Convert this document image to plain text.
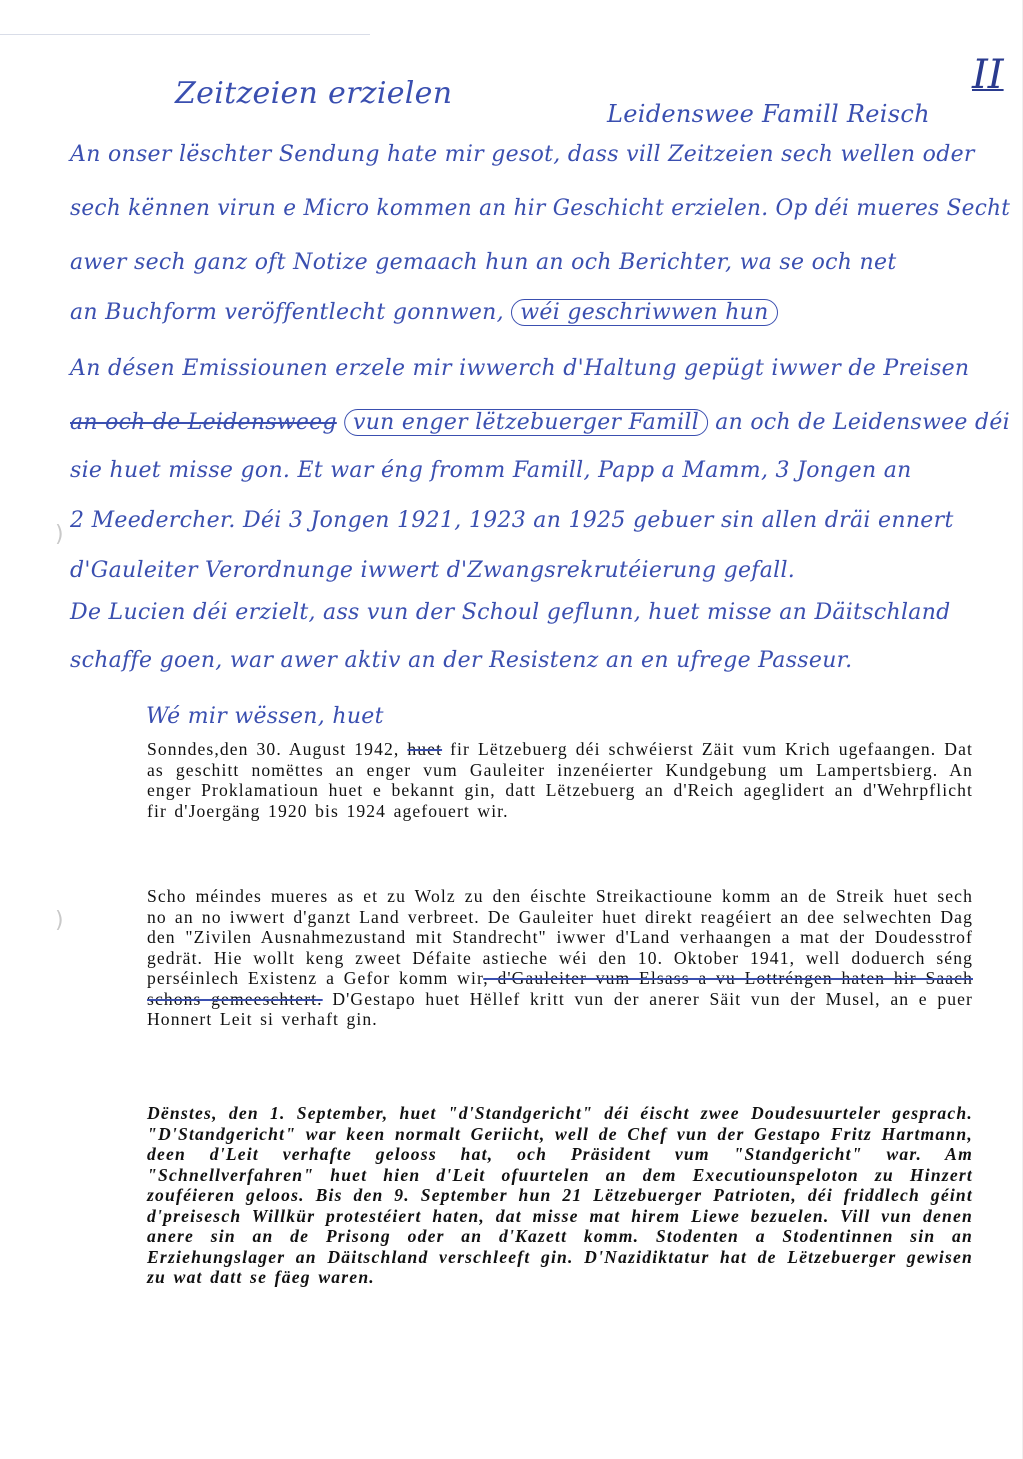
II
Zeitzeien erzielen
Leidenswee Famill Reisch
An onser lëschter Sendung hate mir gesot, dass vill Zeitzeien sech wellen oder
sech kënnen virun e Micro kommen an hir Geschicht erzielen. Op déi mueres Secht
awer sech ganz oft Notize gemaach hun an och Berichter, wa se och net
an Buchform veröffentlecht gonnwen, wéi geschriwwen hun
An désen Emissiounen erzele mir iwwerch d'Haltung gepügt iwwer de Preisen
an och de Leidensweeg vun enger lëtzebuerger Famill an och de Leidenswee déi
sie huet misse gon. Et war éng fromm Famill, Papp a Mamm, 3 Jongen an
2 Meedercher. Déi 3 Jongen 1921, 1923 an 1925 gebuer sin allen dräi ennert
d'Gauleiter Verordnunge iwwert d'Zwangsrekrutéierung gefall.
De Lucien déi erzielt, ass vun der Schoul geflunn, huet misse an Däitschland
schaffe goen, war awer aktiv an der Resistenz an en ufrege Passeur.
Wé mir wëssen, huet
)
)
Sonndes,den 30. August 1942, huet fir Lëtzebuerg déi schwéierst Zäit vum Krich ugefaangen. Dat as geschitt nomëttes an enger vum Gauleiter inzenéierter Kundgebung um Lampertsbierg. An enger Proklamatioun huet e bekannt gin, datt Lëtzebuerg an d'Reich ageglidert an d'Wehrpflicht fir d'Joergäng 1920 bis 1924 agefouert wir.
Scho méindes mueres as et zu Wolz zu den éischte Streikactioune komm an de Streik huet sech no an no iwwert d'ganzt Land verbreet. De Gauleiter huet direkt reagéiert an dee selwechten Dag den "Zivilen Ausnahmezustand mit Standrecht" iwwer d'Land verhaangen a mat der Doudesstrof gedrät. Hie wollt keng zweet Défaite astieche wéi den 10. Oktober 1941, well doduerch séng perséinlech Existenz a Gefor komm wir, d'Gauleiter vum Elsass a vu Lottréngen haten hir Saach schons gemeeschtert. D'Gestapo huet Hëllef kritt vun der anerer Säit vun der Musel, an e puer Honnert Leit si verhaft gin.
Dënstes, den 1. September, huet "d'Standgericht" déi éischt zwee Doudesuurteler gesprach. "D'Standgericht" war keen normalt Geriicht, well de Chef vun der Gestapo Fritz Hartmann, deen d'Leit verhafte gelooss hat, och Präsident vum "Standgericht" war. Am "Schnellverfahren" huet hien d'Leit ofuurtelen an dem Executiounspeloton zu Hinzert zouféieren geloos. Bis den 9. September hun 21 Lëtzebuerger Patrioten, déi friddlech géint d'preisesch Willkür protestéiert haten, dat misse mat hirem Liewe bezuelen. Vill vun denen anere sin an de Prisong oder an d'Kazett komm. Stodenten a Stodentinnen sin an Erziehungslager an Däitschland verschleeft gin. D'Nazidiktatur hat de Lëtzebuerger gewisen zu wat datt se fäeg waren.
